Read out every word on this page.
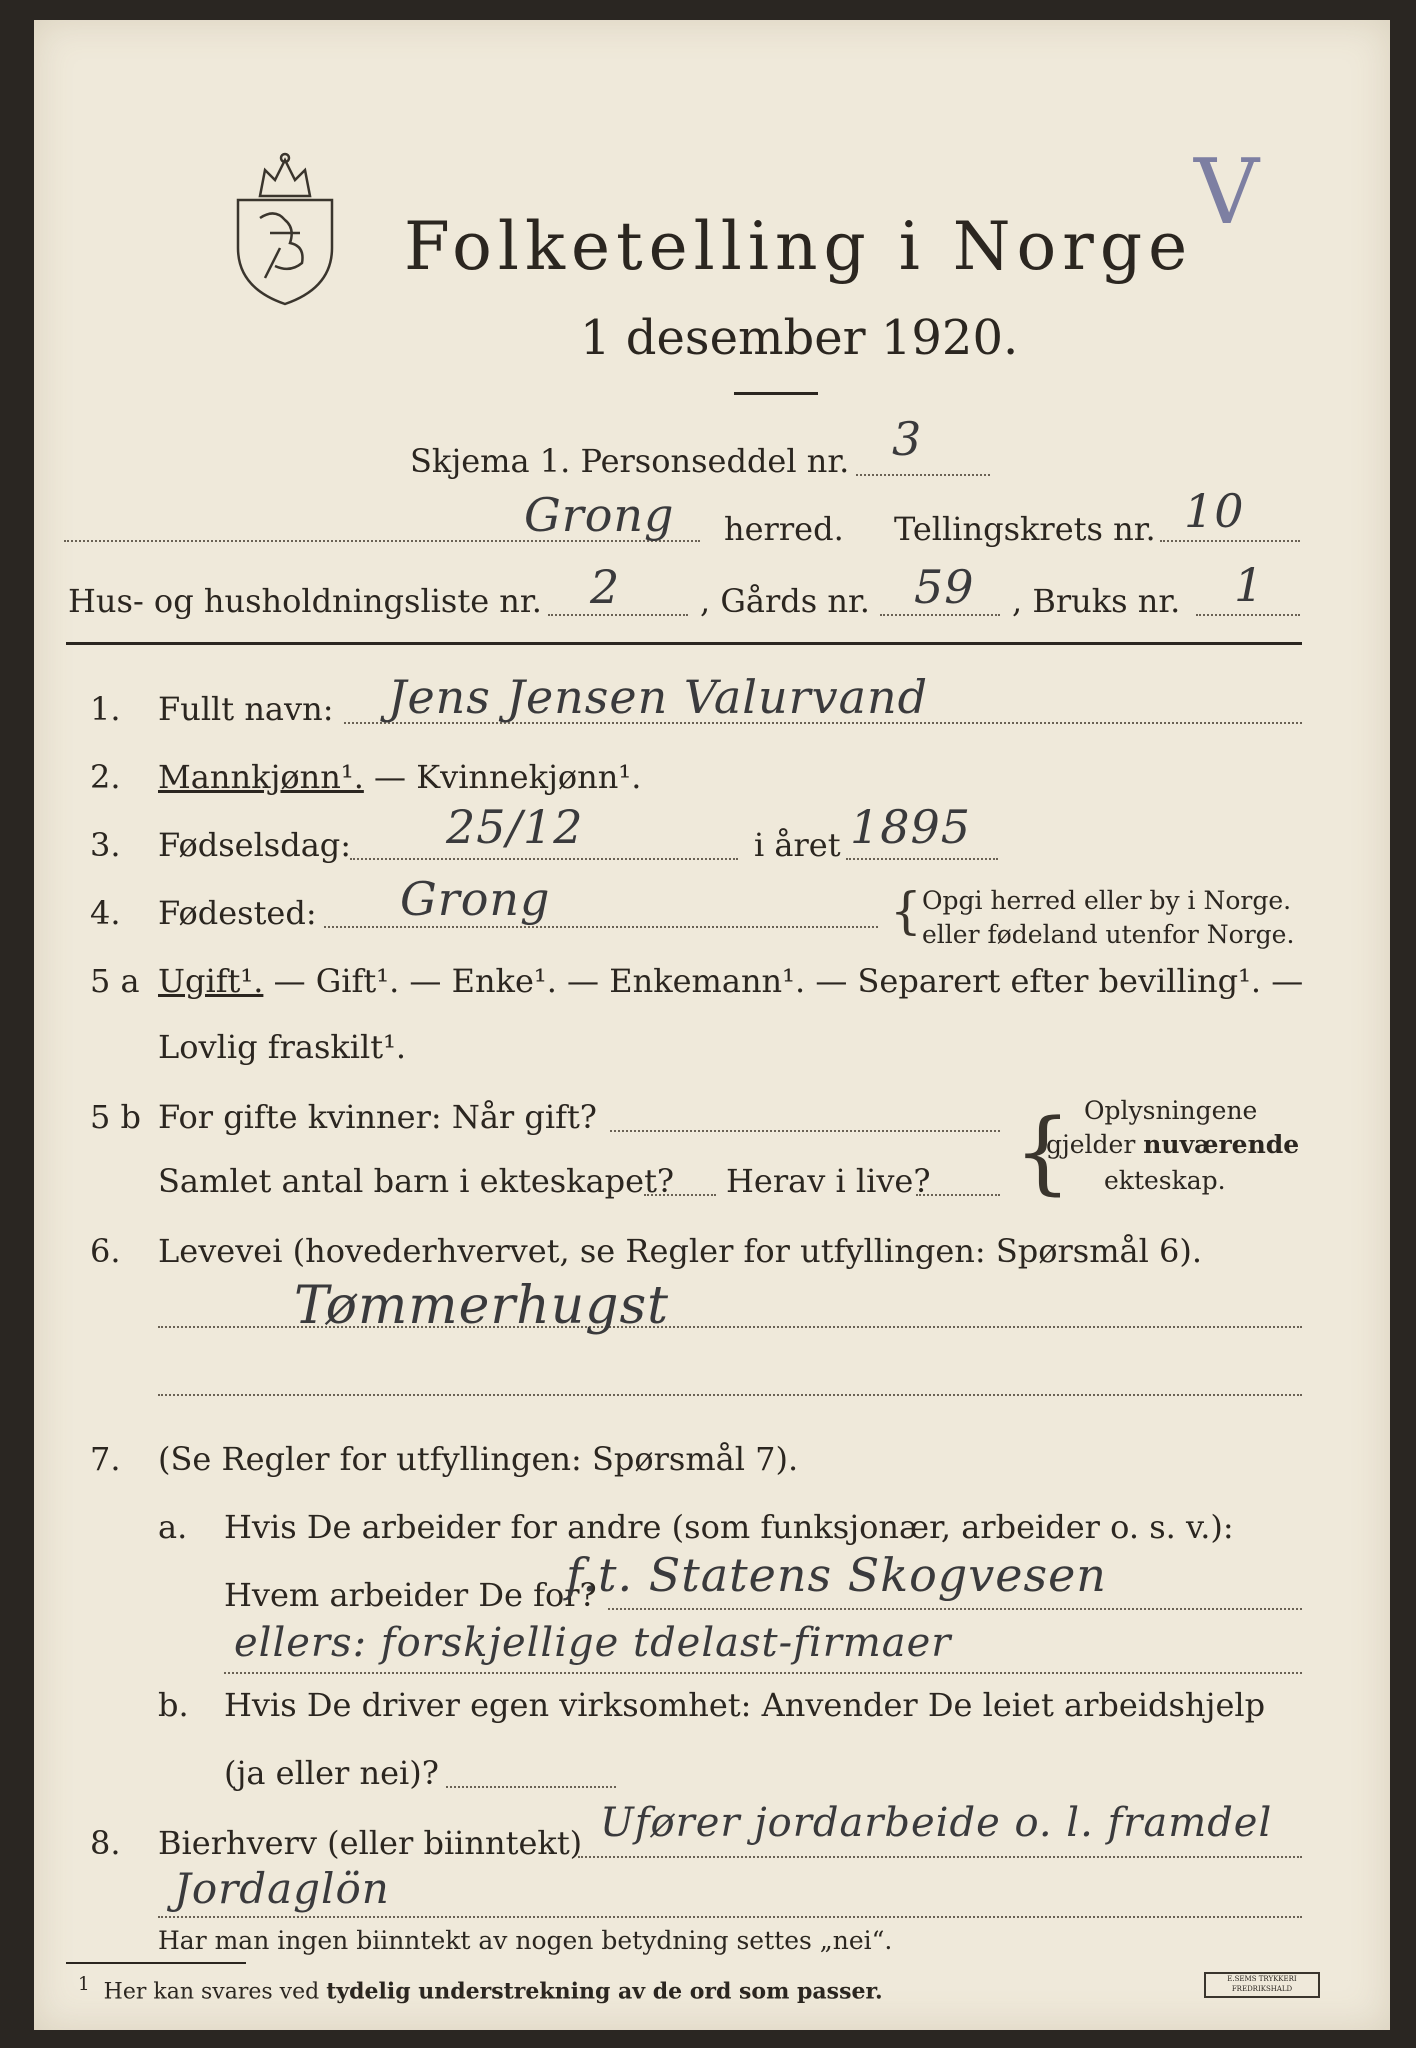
Folketelling i Norge
V
1 desember 1920.
Skjema 1. Personseddel nr. 3
Grong herred. Tellingskrets nr. 10
Hus- og husholdningsliste nr. 2 , Gårds nr. 59 , Bruks nr. 1
1.	Fullt navn: Jens Jensen Valurvand
2.	Mannkjønn¹. — Kvinnekjønn¹.
3.	Fødselsdag: 25/12	i året 1895
4.	Fødested: Grong	{ Opgi herred eller by i Norge.
eller fødeland utenfor Norge.
5 a Ugift¹. — Gift¹. — Enke¹. — Enkemann¹. — Separert efter bevilling¹. —
Lovlig fraskilt¹.
5 b For gifte kvinner: Når gift?
Samlet antal barn i ekteskapet? Herav i live? { Oplysningene
gjelder nuværende
ekteskap.
6.	Levevei (hovederhvervet, se Regler for utfyllingen: Spørsmål 6).
Tømmerhugst
7.	(Se Regler for utfyllingen: Spørsmål 7).
a. Hvis De arbeider for andre (som funksjonær, arbeider o. s. v.):
Hvem arbeider De for?
f.t. Statens Skogvesen
ellers: forskjellige tdelast-firmaer
b. Hvis De driver egen virksomhet: Anvender De leiet arbeidshjelp
(ja eller nei)?
8.	Bierhverv (eller biinntekt) Ufører jordarbeide o. l. framdel
Jordaglön
Har man ingen biinntekt av nogen betydning settes „nei“.
$^1$ Her kan svares ved tydelig understrekning av de ord som passer.	E.SEMS TRYKKERI FREDRIKSHALD
